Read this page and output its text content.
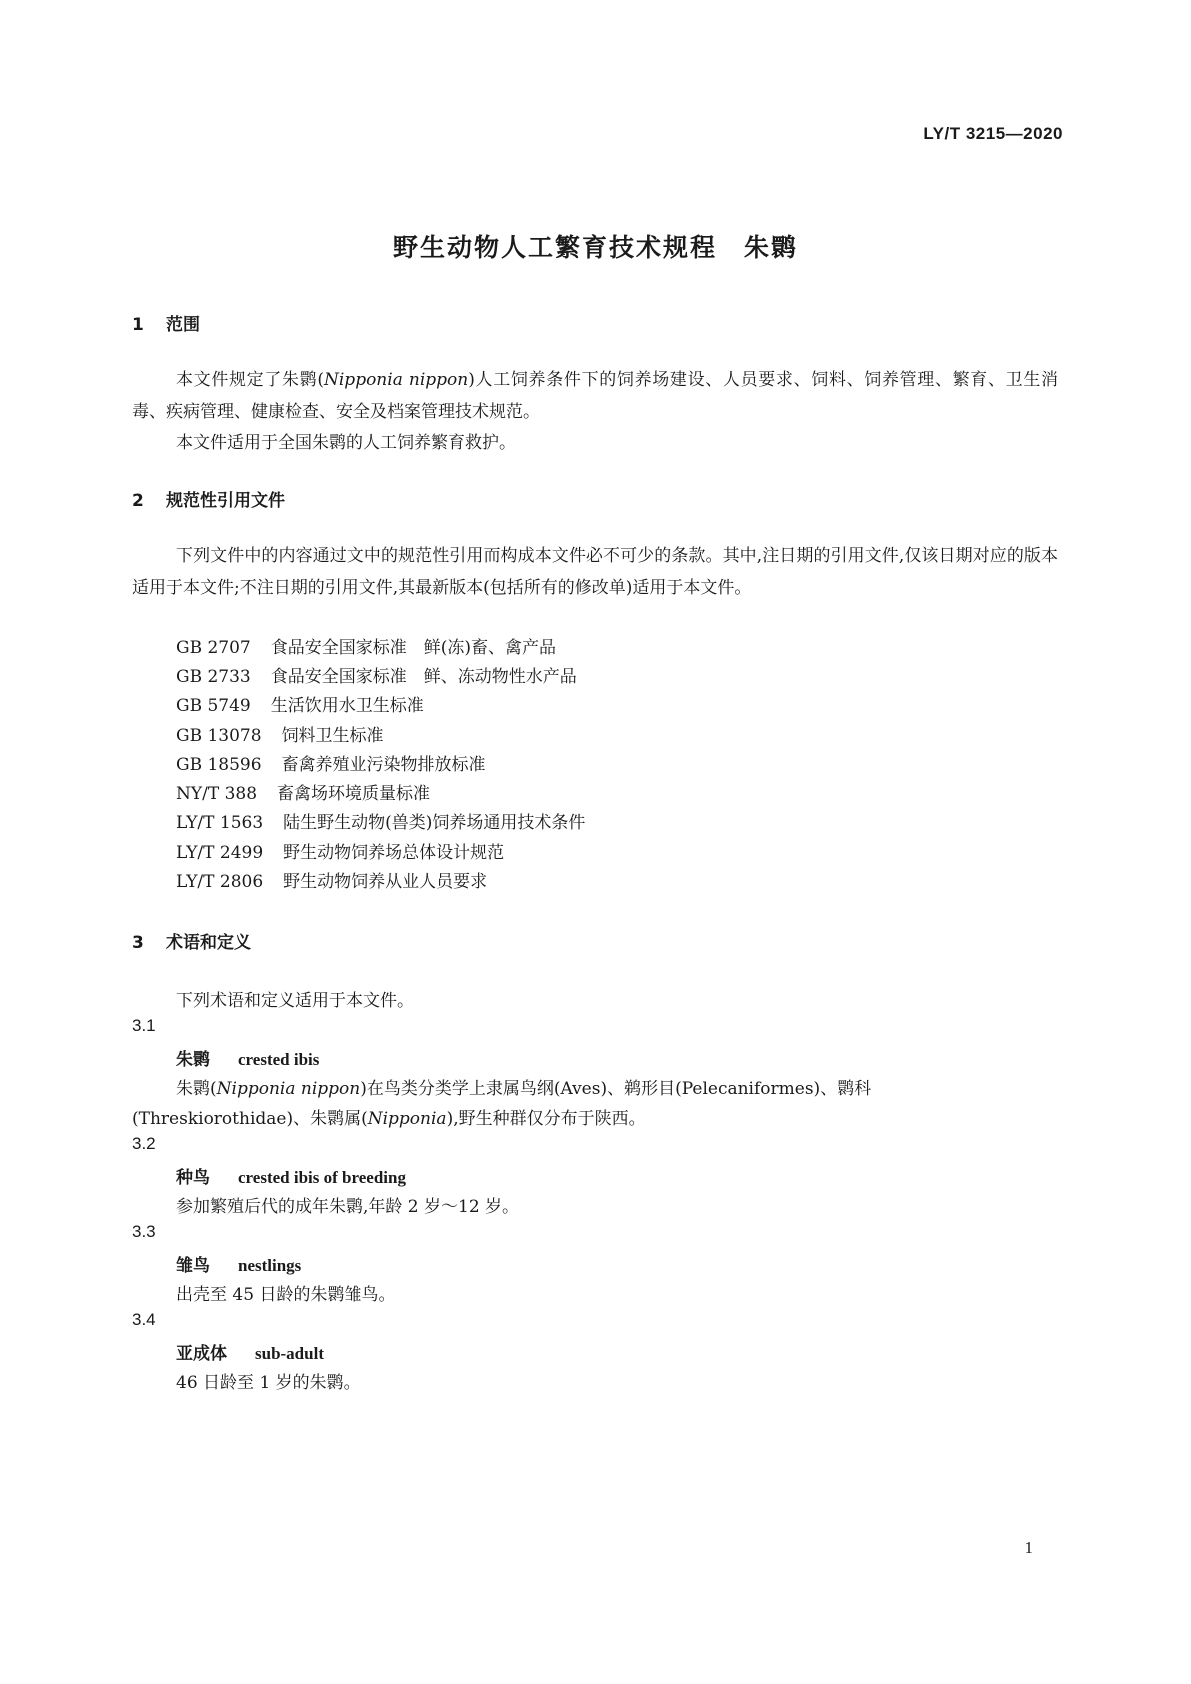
LY/T 3215—2020
野生动物人工繁育技术规程　朱鹮
1 范围
本文件规定了朱鹮(Nipponia nippon)人工饲养条件下的饲养场建设、人员要求、饲料、饲养管理、繁育、卫生消毒、疾病管理、健康检查、安全及档案管理技术规范。
本文件适用于全国朱鹮的人工饲养繁育救护。
2 规范性引用文件
下列文件中的内容通过文中的规范性引用而构成本文件必不可少的条款。其中,注日期的引用文件,仅该日期对应的版本适用于本文件;不注日期的引用文件,其最新版本(包括所有的修改单)适用于本文件。
GB 2707 食品安全国家标准　鲜(冻)畜、禽产品
GB 2733 食品安全国家标准　鲜、冻动物性水产品
GB 5749 生活饮用水卫生标准
GB 13078 饲料卫生标准
GB 18596 畜禽养殖业污染物排放标准
NY/T 388 畜禽场环境质量标准
LY/T 1563 陆生野生动物(兽类)饲养场通用技术条件
LY/T 2499 野生动物饲养场总体设计规范
LY/T 2806 野生动物饲养从业人员要求
3 术语和定义
下列术语和定义适用于本文件。
3.1
朱鹮 crested ibis
朱鹮(Nipponia nippon)在鸟类分类学上隶属鸟纲(Aves)、鹈形目(Pelecaniformes)、鹮科
(Threskiorothidae)、朱鹮属(Nipponia),野生种群仅分布于陕西。
3.2
种鸟 crested ibis of breeding
参加繁殖后代的成年朱鹮,年龄 2 岁～12 岁。
3.3
雏鸟 nestlings
出壳至 45 日龄的朱鹮雏鸟。
3.4
亚成体 sub-adult
46 日龄至 1 岁的朱鹮。
1
